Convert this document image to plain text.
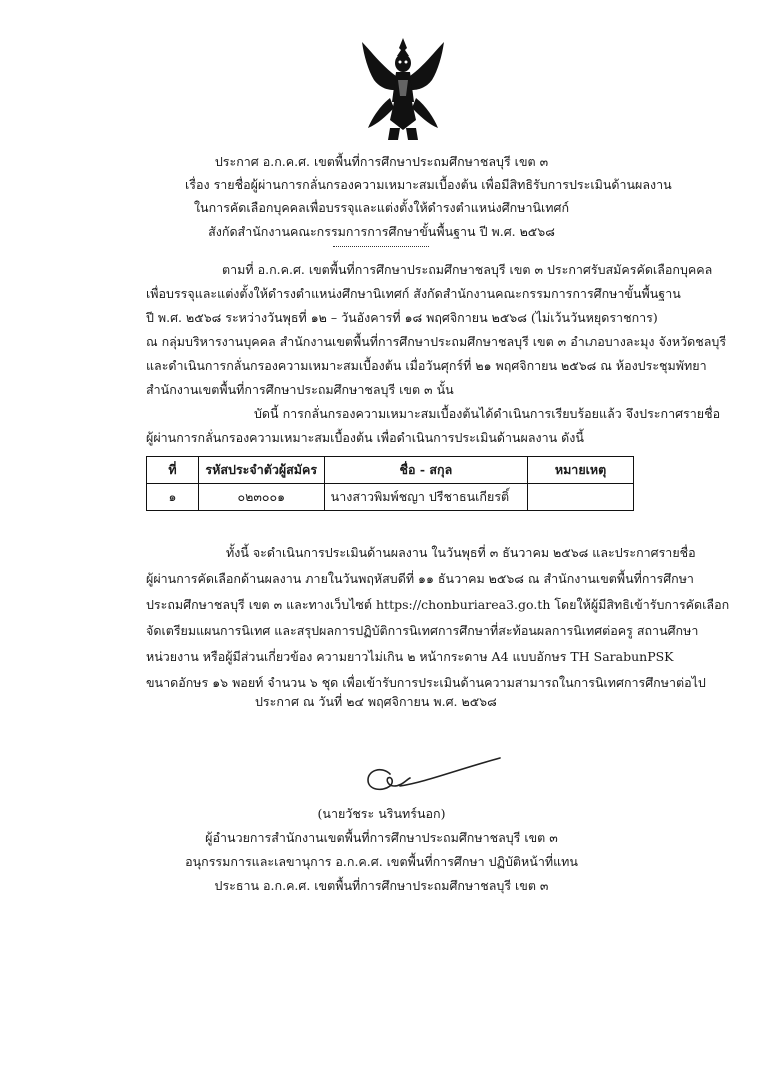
ประกาศ อ.ก.ค.ศ. เขตพื้นที่การศึกษาประถมศึกษาชลบุรี เขต ๓
เรื่อง รายชื่อผู้ผ่านการกลั่นกรองความเหมาะสมเบื้องต้น เพื่อมีสิทธิรับการประเมินด้านผลงาน
ในการคัดเลือกบุคคลเพื่อบรรจุและแต่งตั้งให้ดำรงตำแหน่งศึกษานิเทศก์
สังกัดสำนักงานคณะกรรมการการศึกษาขั้นพื้นฐาน ปี พ.ศ. ๒๕๖๘
ตามที่ อ.ก.ค.ศ. เขตพื้นที่การศึกษาประถมศึกษาชลบุรี เขต ๓ ประกาศรับสมัครคัดเลือกบุคคล
เพื่อบรรจุและแต่งตั้งให้ดำรงตำแหน่งศึกษานิเทศก์ สังกัดสำนักงานคณะกรรมการการศึกษาขั้นพื้นฐาน
ปี พ.ศ. ๒๕๖๘ ระหว่างวันพุธที่ ๑๒ – วันอังคารที่ ๑๘ พฤศจิกายน ๒๕๖๘ (ไม่เว้นวันหยุดราชการ)
ณ กลุ่มบริหารงานบุคคล สำนักงานเขตพื้นที่การศึกษาประถมศึกษาชลบุรี เขต ๓ อำเภอบางละมุง จังหวัดชลบุรี
และดำเนินการกลั่นกรองความเหมาะสมเบื้องต้น เมื่อวันศุกร์ที่ ๒๑ พฤศจิกายน ๒๕๖๘ ณ ห้องประชุมพัทยา
สำนักงานเขตพื้นที่การศึกษาประถมศึกษาชลบุรี เขต ๓ นั้น
บัดนี้ การกลั่นกรองความเหมาะสมเบื้องต้นได้ดำเนินการเรียบร้อยแล้ว จึงประกาศรายชื่อ
ผู้ผ่านการกลั่นกรองความเหมาะสมเบื้องต้น เพื่อดำเนินการประเมินด้านผลงาน ดังนี้
ที่	รหัสประจำตัวผู้สมัคร	ชื่อ - สกุล	หมายเหตุ
๑	๐๒๓๐๐๑	นางสาวพิมพ์ชญา ปรีชาธนเกียรติ์	
ทั้งนี้ จะดำเนินการประเมินด้านผลงาน ในวันพุธที่ ๓ ธันวาคม ๒๕๖๘ และประกาศรายชื่อ
ผู้ผ่านการคัดเลือกด้านผลงาน ภายในวันพฤหัสบดีที่ ๑๑ ธันวาคม ๒๕๖๘ ณ สำนักงานเขตพื้นที่การศึกษา
ประถมศึกษาชลบุรี เขต ๓ และทางเว็บไซต์ https://chonburiarea3.go.th โดยให้ผู้มีสิทธิเข้ารับการคัดเลือก
จัดเตรียมแผนการนิเทศ และสรุปผลการปฏิบัติการนิเทศการศึกษาที่สะท้อนผลการนิเทศต่อครู สถานศึกษา
หน่วยงาน หรือผู้มีส่วนเกี่ยวข้อง ความยาวไม่เกิน ๒ หน้ากระดาษ A4 แบบอักษร TH SarabunPSK
ขนาดอักษร ๑๖ พอยท์ จำนวน ๖ ชุด เพื่อเข้ารับการประเมินด้านความสามารถในการนิเทศการศึกษาต่อไป
ประกาศ ณ วันที่ ๒๔ พฤศจิกายน พ.ศ. ๒๕๖๘
(นายวัชระ นรินทร์นอก)
ผู้อำนวยการสำนักงานเขตพื้นที่การศึกษาประถมศึกษาชลบุรี เขต ๓
อนุกรรมการและเลขานุการ อ.ก.ค.ศ. เขตพื้นที่การศึกษา ปฏิบัติหน้าที่แทน
ประธาน อ.ก.ค.ศ. เขตพื้นที่การศึกษาประถมศึกษาชลบุรี เขต ๓
